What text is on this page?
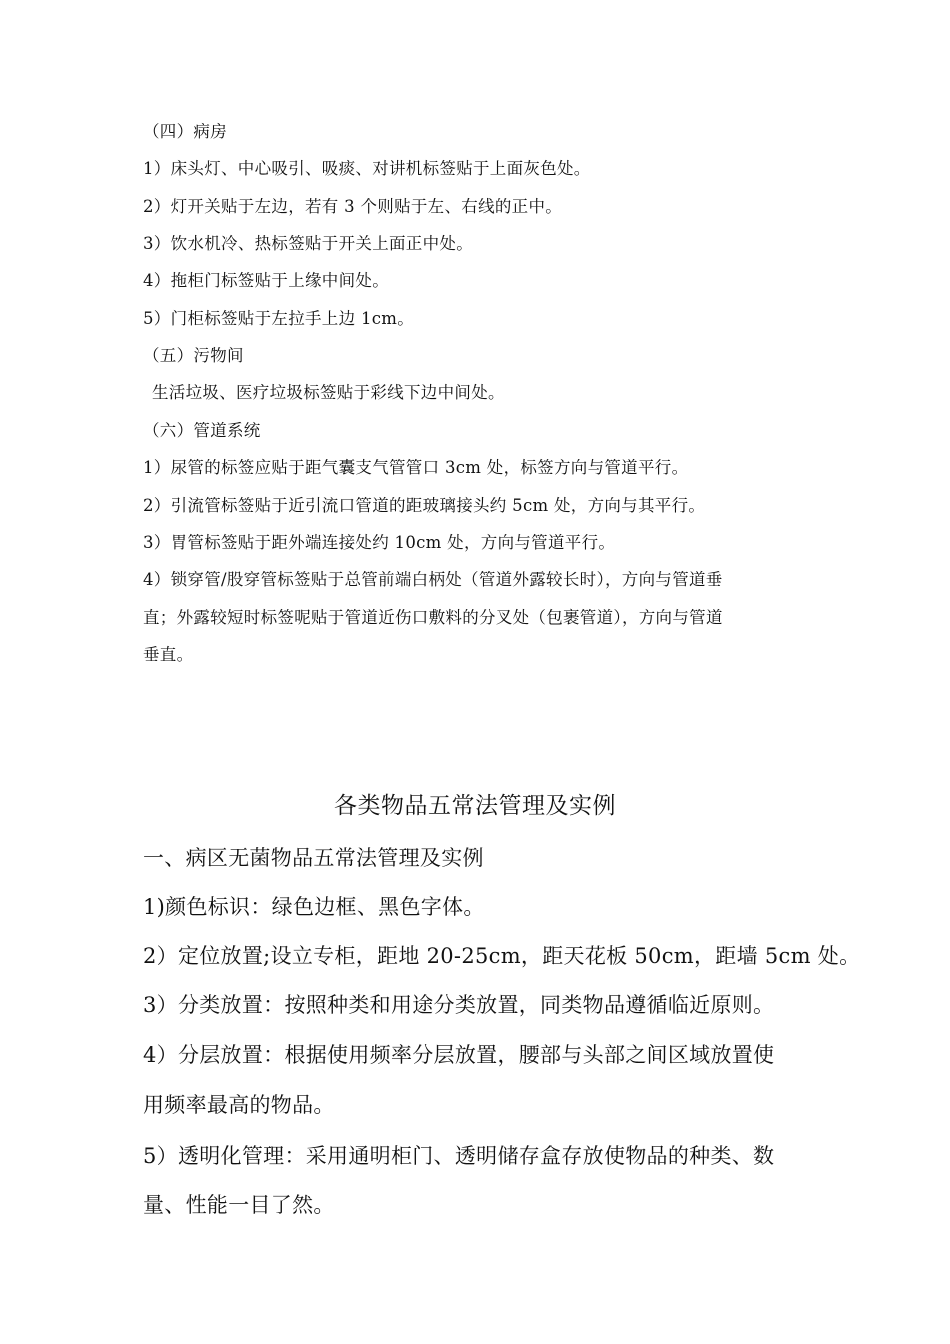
（四）病房

1）床头灯、中心吸引、吸痰、对讲机标签贴于上面灰色处。

2）灯开关贴于左边，若有 3 个则贴于左、右线的正中。

3）饮水机冷、热标签贴于开关上面正中处。

4）拖柜门标签贴于上缘中间处。

5）门柜标签贴于左拉手上边 1cm。

（五）污物间

生活垃圾、医疗垃圾标签贴于彩线下边中间处。

（六）管道系统

1）尿管的标签应贴于距气囊支气管管口 3cm 处，标签方向与管道平行。

2）引流管标签贴于近引流口管道的距玻璃接头约 5cm 处，方向与其平行。

3）胃管标签贴于距外端连接处约 10cm 处，方向与管道平行。

4）锁穿管/股穿管标签贴于总管前端白柄处（管道外露较长时），方向与管道垂

直；外露较短时标签呢贴于管道近伤口敷料的分叉处（包裹管道），方向与管道

垂直。

各类物品五常法管理及实例

一、病区无菌物品五常法管理及实例

1)颜色标识：绿色边框、黑色字体。

2）定位放置;设立专柜，距地 20-25cm，距天花板 50cm，距墙 5cm 处。

3）分类放置：按照种类和用途分类放置，同类物品遵循临近原则。

4）分层放置：根据使用频率分层放置，腰部与头部之间区域放置使

用频率最高的物品。

5）透明化管理：采用通明柜门、透明储存盒存放使物品的种类、数

量、性能一目了然。
